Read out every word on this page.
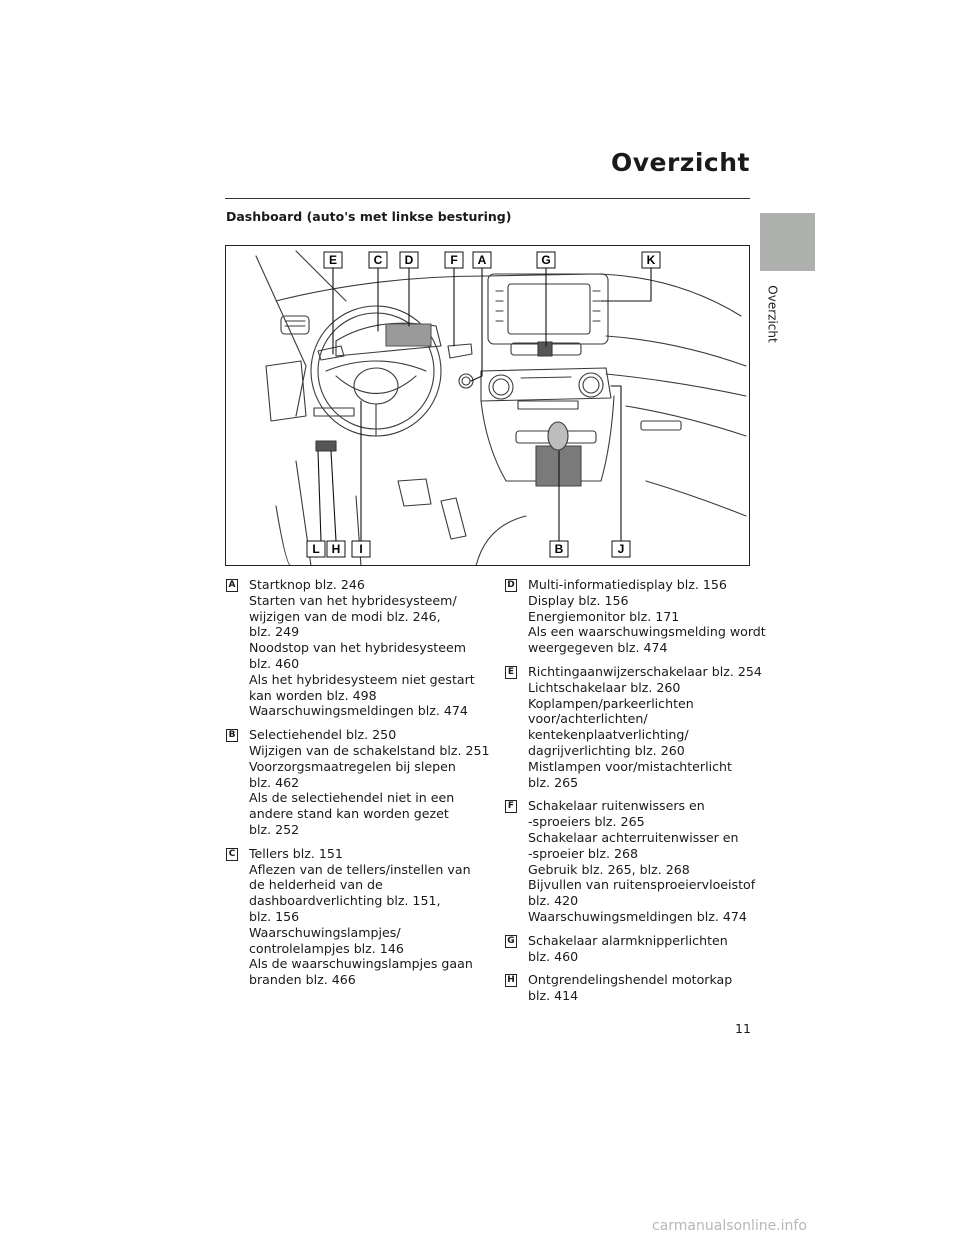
Overzicht
Dashboard (auto's met linkse besturing)
Overzicht
E	C D	F A	G	K
L H I	B	J
A Startknop blz. 246
Starten van het hybridesysteem/
wijzigen van de modi blz. 246,
blz. 249
Noodstop van het hybridesysteem
blz. 460
Als het hybridesysteem niet gestart
kan worden blz. 498
Waarschuwingsmeldingen blz. 474
B Selectiehendel blz. 250
Wijzigen van de schakelstand blz. 251
Voorzorgsmaatregelen bij slepen
blz. 462
Als de selectiehendel niet in een
andere stand kan worden gezet
blz. 252
C Tellers blz. 151
Aflezen van de tellers/instellen van
de helderheid van de
dashboardverlichting blz. 151,
blz. 156
Waarschuwingslampjes/
controlelampjes blz. 146
Als de waarschuwingslampjes gaan
branden blz. 466
D Multi-informatiedisplay blz. 156
Display blz. 156
Energiemonitor blz. 171
Als een waarschuwingsmelding wordt
weergegeven blz. 474
E Richtingaanwijzerschakelaar blz. 254
Lichtschakelaar blz. 260
Koplampen/parkeerlichten
voor/achterlichten/
kentekenplaatverlichting/
dagrijverlichting blz. 260
Mistlampen voor/mistachterlicht
blz. 265
F Schakelaar ruitenwissers en
-sproeiers blz. 265
Schakelaar achterruitenwisser en
-sproeier blz. 268
Gebruik blz. 265, blz. 268
Bijvullen van ruitensproeiervloeistof
blz. 420
Waarschuwingsmeldingen blz. 474
G Schakelaar alarmknipperlichten
blz. 460
H Ontgrendelingshendel motorkap
blz. 414
11
carmanualsonline.info
